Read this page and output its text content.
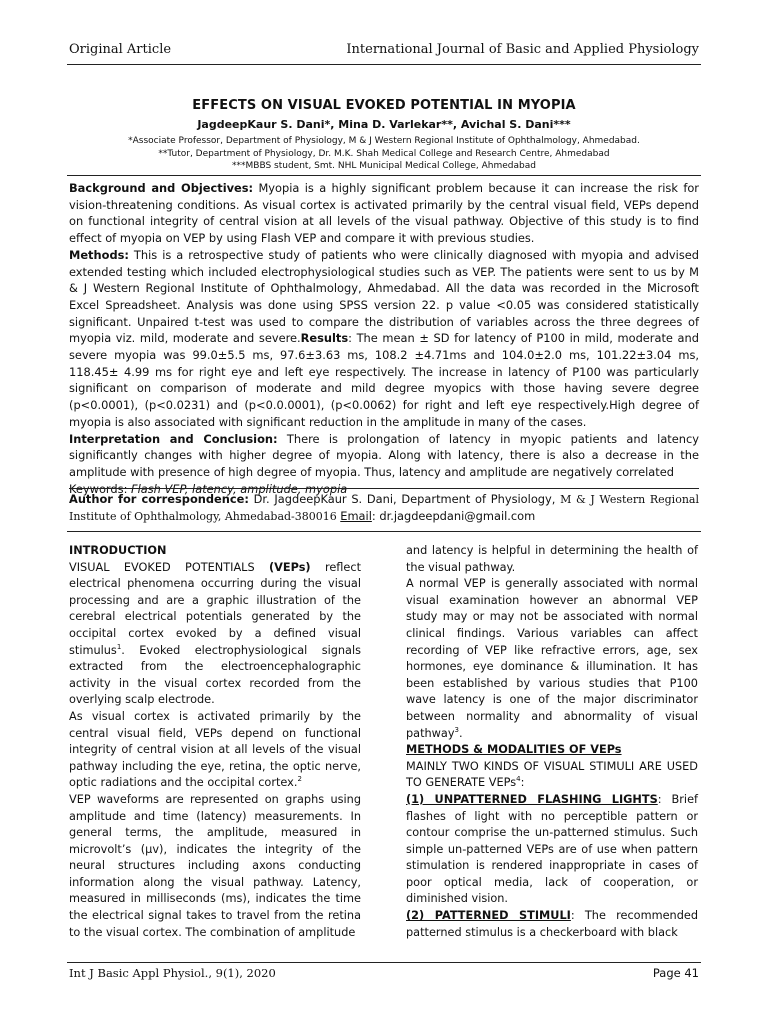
Original Article	International Journal of Basic and Applied Physiology
EFFECTS ON VISUAL EVOKED POTENTIAL IN MYOPIA
JagdeepKaur S. Dani*, Mina D. Varlekar**, Avichal S. Dani***
*Associate Professor, Department of Physiology, M & J Western Regional Institute of Ophthalmology, Ahmedabad.
**Tutor, Department of Physiology, Dr. M.K. Shah Medical College and Research Centre, Ahmedabad
***MBBS student, Smt. NHL Municipal Medical College, Ahmedabad

Background and Objectives: Myopia is a highly significant problem because it can increase the risk for vision-threatening conditions. As visual cortex is activated primarily by the central visual field, VEPs depend on functional integrity of central vision at all levels of the visual pathway. Objective of this study is to find effect of myopia on VEP by using Flash VEP and compare it with previous studies.

Methods: This is a retrospective study of patients who were clinically diagnosed with myopia and advised extended testing which included electrophysiological studies such as VEP. The patients were sent to us by M & J Western Regional Institute of Ophthalmology, Ahmedabad. All the data was recorded in the Microsoft Excel Spreadsheet. Analysis was done using SPSS version 22. p value <0.05 was considered statistically significant. Unpaired t-test was used to compare the distribution of variables across the three degrees of myopia viz. mild, moderate and severe.Results: The mean ± SD for latency of P100 in mild, moderate and severe myopia was 99.0±5.5 ms, 97.6±3.63 ms, 108.2 ±4.71ms and 104.0±2.0 ms, 101.22±3.04 ms, 118.45± 4.99 ms for right eye and left eye respectively. The increase in latency of P100 was particularly significant on comparison of moderate and mild degree myopics with those having severe degree (p<0.0001), (p<0.0231) and (p<0.0.0001), (p<0.0062) for right and left eye respectively.High degree of myopia is also associated with significant reduction in the amplitude in many of the cases.

Interpretation and Conclusion: There is prolongation of latency in myopic patients and latency significantly changes with higher degree of myopia. Along with latency, there is also a decrease in the amplitude with presence of high degree of myopia. Thus, latency and amplitude are negatively correlated

Keywords: Flash VEP, latency, amplitude, myopia

Author for correspondence: Dr. JagdeepKaur S. Dani, Department of Physiology, M & J Western Regional Institute of Ophthalmology, Ahmedabad-380016 Email: dr.jagdeepdani@gmail.com

INTRODUCTION

VISUAL EVOKED POTENTIALS (VEPs) reflect electrical phenomena occurring during the visual processing and are a graphic illustration of the cerebral electrical potentials generated by the occipital cortex evoked by a defined visual stimulus$^1$. Evoked electrophysiological signals extracted from the electroencephalographic activity in the visual cortex recorded from the overlying scalp electrode.

As visual cortex is activated primarily by the central visual field, VEPs depend on functional integrity of central vision at all levels of the visual pathway including the eye, retina, the optic nerve, optic radiations and the occipital cortex.$^2$

VEP waveforms are represented on graphs using amplitude and time (latency) measurements. In general terms, the amplitude, measured in microvolt’s (µv), indicates the integrity of the neural structures including axons conducting information along the visual pathway. Latency, measured in milliseconds (ms), indicates the time the electrical signal takes to travel from the retina to the visual cortex. The combination of amplitude

and latency is helpful in determining the health of the visual pathway.

A normal VEP is generally associated with normal visual examination however an abnormal VEP study may or may not be associated with normal clinical findings. Various variables can affect recording of VEP like refractive errors, age, sex hormones, eye dominance & illumination. It has been established by various studies that P100 wave latency is one of the major discriminator between normality and abnormality of visual pathway$^3$.

METHODS & MODALITIES OF VEPs

MAINLY TWO KINDS OF VISUAL STIMULI ARE USED TO GENERATE VEPs$^4$:

(1) UNPATTERNED FLASHING LIGHTS: Brief flashes of light with no perceptible pattern or contour comprise the un-patterned stimulus. Such simple un-patterned VEPs are of use when pattern stimulation is rendered inappropriate in cases of poor optical media, lack of cooperation, or diminished vision.

(2) PATTERNED STIMULI: The recommended patterned stimulus is a checkerboard with black

Int J Basic Appl Physiol., 9(1), 2020	Page 41
